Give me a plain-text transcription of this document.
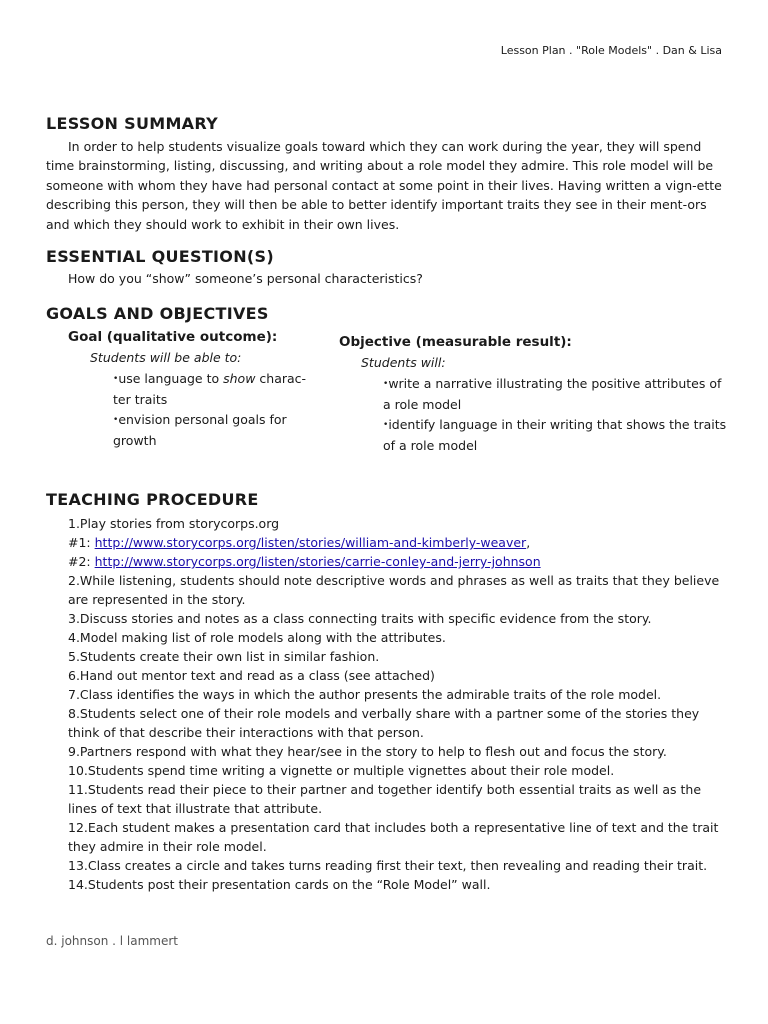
Lesson Plan . "Role Models" . Dan & Lisa
LESSON SUMMARY

In order to help students visualize goals toward which they can work during the year, they will spend time brainstorming, listing, discussing, and writing about a role model they admire. This role model will be someone with whom they have had personal contact at some point in their lives. Having written a vign-ette describing this person, they will then be able to better identify important traits they see in their ment-ors and which they should work to exhibit in their own lives.

ESSENTIAL QUESTION(S)

How do you “show” someone’s personal characteristics?

GOALS AND OBJECTIVES

Goal (qualitative outcome):

Students will be able to:

•use language to show charac-ter traits
•envision personal goals for growth

Objective (measurable result):

Students will:

•write a narrative illustrating the positive attributes of a role model
•identify language in their writing that shows the traits of a role model
TEACHING PROCEDURE
1.Play stories from storycorps.org
#1: http://www.storycorps.org/listen/stories/william-and-kimberly-weaver,
#2: http://www.storycorps.org/listen/stories/carrie-conley-and-jerry-johnson
2.While listening, students should note descriptive words and phrases as well as traits that they believe are represented in the story.
3.Discuss stories and notes as a class connecting traits with specific evidence from the story.
4.Model making list of role models along with the attributes.
5.Students create their own list in similar fashion.
6.Hand out mentor text and read as a class (see attached)
7.Class identifies the ways in which the author presents the admirable traits of the role model.
8.Students select one of their role models and verbally share with a partner some of the stories they think of that describe their interactions with that person.
9.Partners respond with what they hear/see in the story to help to flesh out and focus the story.
10.Students spend time writing a vignette or multiple vignettes about their role model.
11.Students read their piece to their partner and together identify both essential traits as well as the lines of text that illustrate that attribute.
12.Each student makes a presentation card that includes both a representative line of text and the trait they admire in their role model.
13.Class creates a circle and takes turns reading first their text, then revealing and reading their trait.
14.Students post their presentation cards on the “Role Model” wall.

d. johnson . l lammert
